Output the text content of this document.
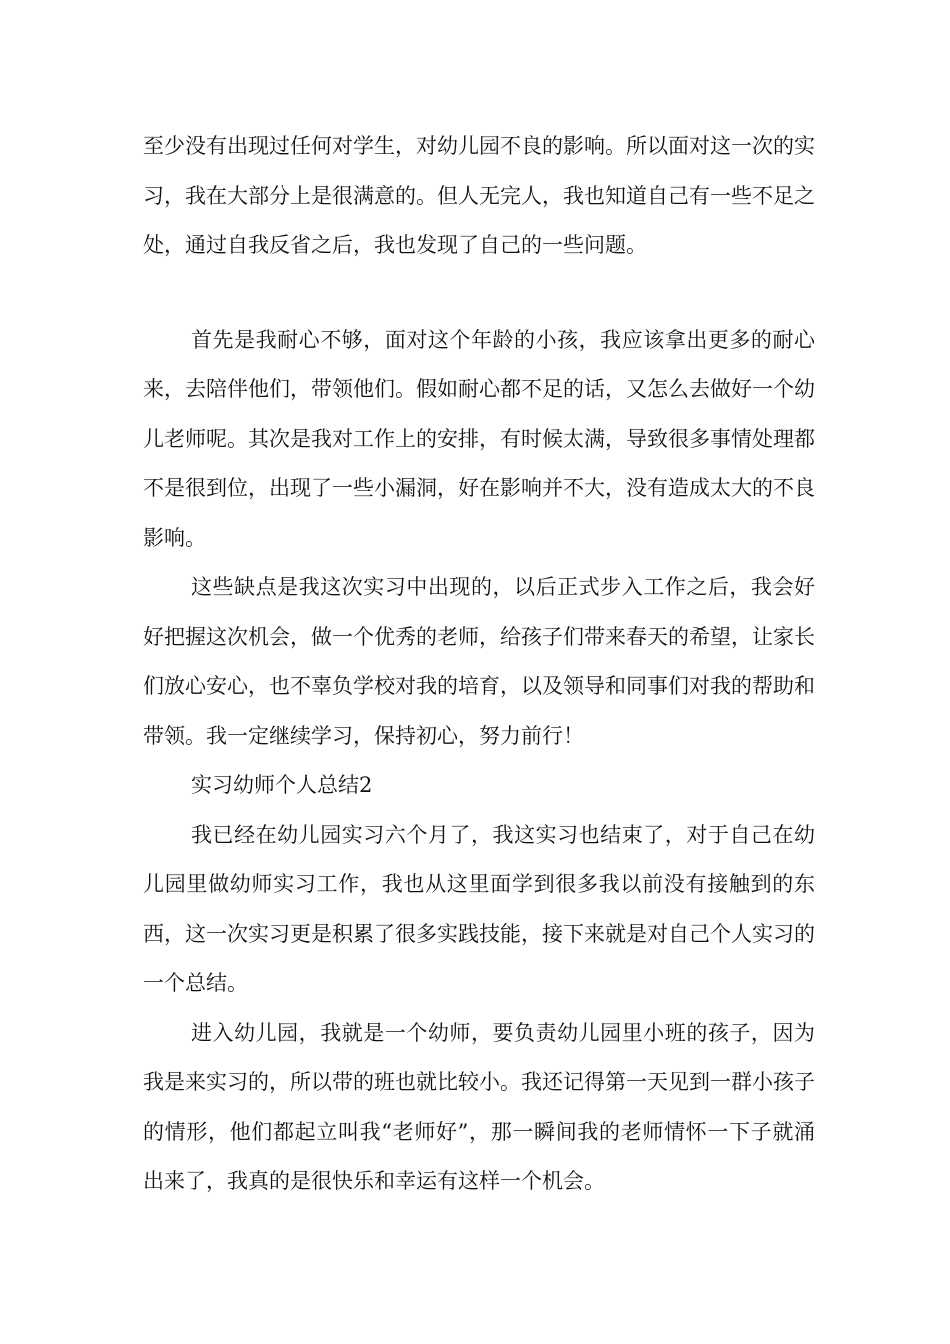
至少没有出现过任何对学生，对幼儿园不良的影响。所以面对这一次的实习，我在大部分上是很满意的。但人无完人，我也知道自己有一些不足之处，通过自我反省之后，我也发现了自己的一些问题。

首先是我耐心不够，面对这个年龄的小孩，我应该拿出更多的耐心来，去陪伴他们，带领他们。假如耐心都不足的话，又怎么去做好一个幼儿老师呢。其次是我对工作上的安排，有时候太满，导致很多事情处理都不是很到位，出现了一些小漏洞，好在影响并不大，没有造成太大的不良影响。

这些缺点是我这次实习中出现的，以后正式步入工作之后，我会好好把握这次机会，做一个优秀的老师，给孩子们带来春天的希望，让家长们放心安心，也不辜负学校对我的培育，以及领导和同事们对我的帮助和带领。我一定继续学习，保持初心，努力前行！

实习幼师个人总结2

我已经在幼儿园实习六个月了，我这实习也结束了，对于自己在幼儿园里做幼师实习工作，我也从这里面学到很多我以前没有接触到的东西，这一次实习更是积累了很多实践技能，接下来就是对自己个人实习的一个总结。

进入幼儿园，我就是一个幼师，要负责幼儿园里小班的孩子，因为我是来实习的，所以带的班也就比较小。我还记得第一天见到一群小孩子的情形，他们都起立叫我“老师好”，那一瞬间我的老师情怀一下子就涌出来了，我真的是很快乐和幸运有这样一个机会。
